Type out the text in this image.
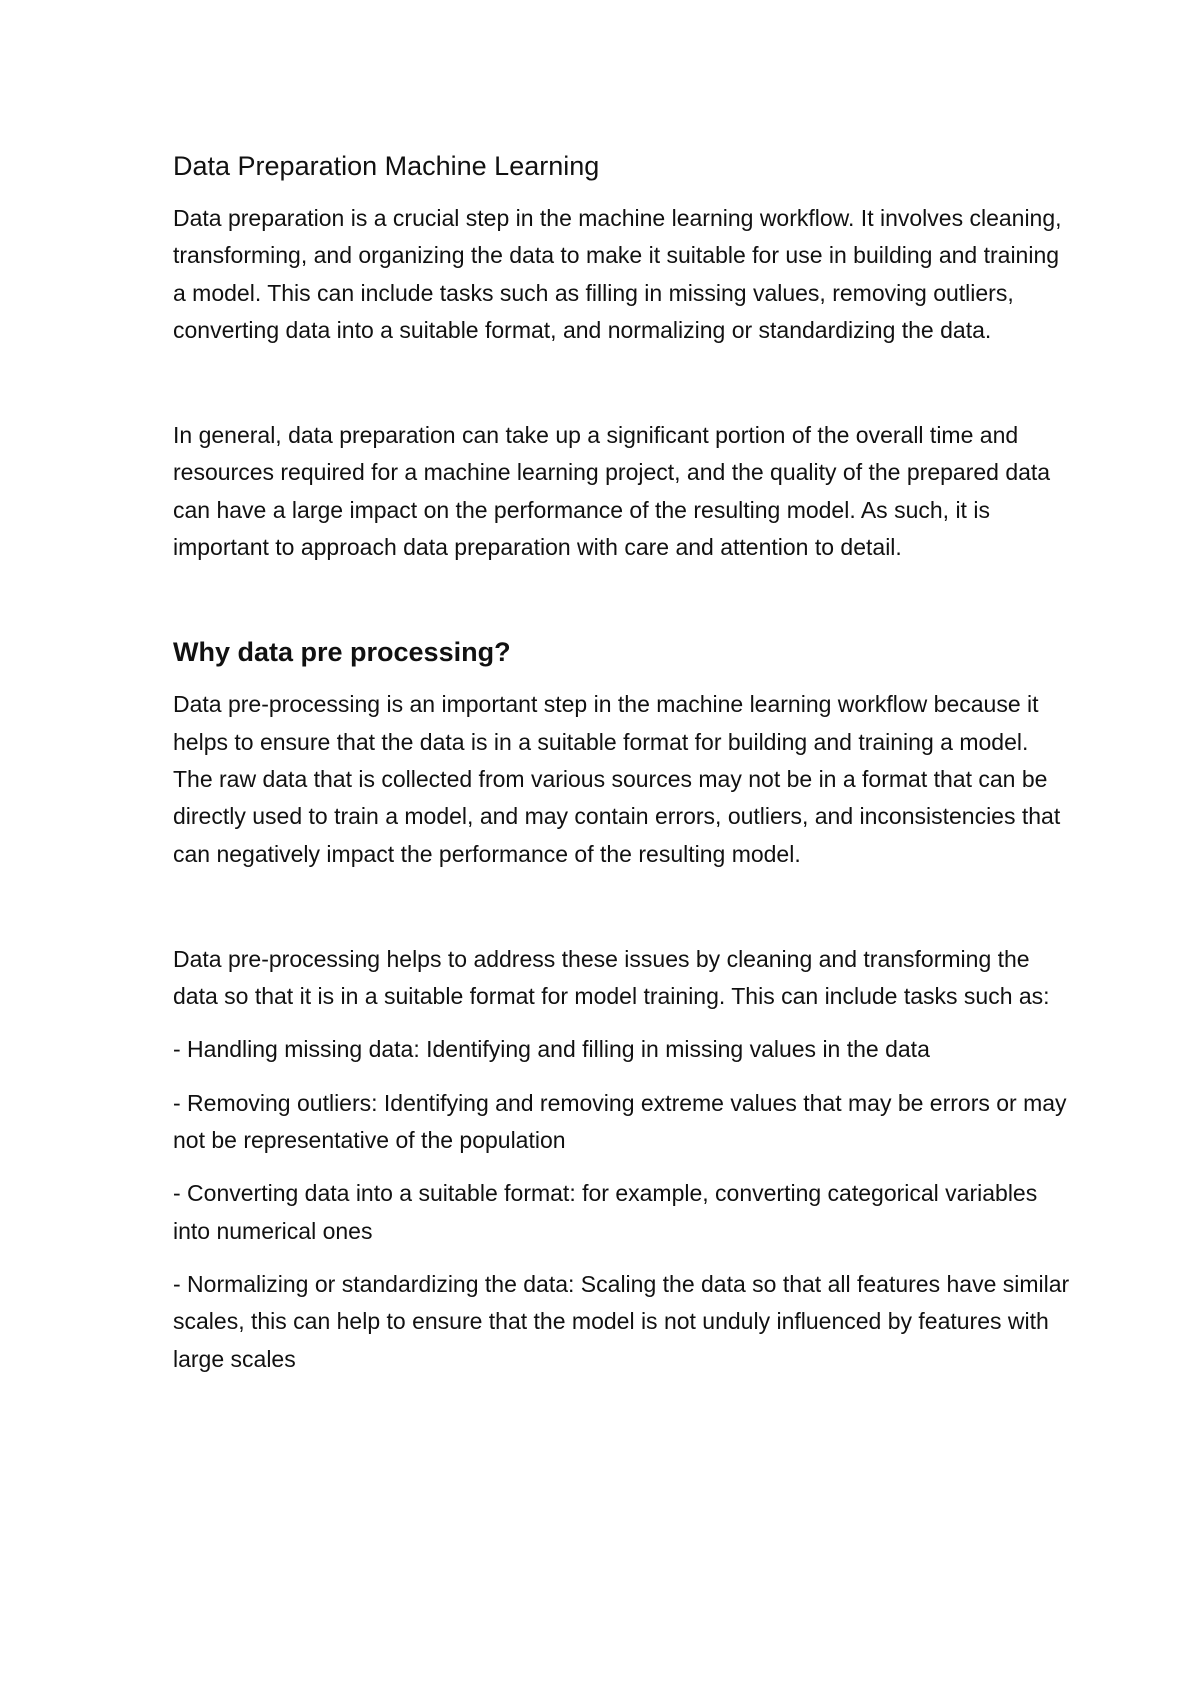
Data Preparation Machine Learning

Data preparation is a crucial step in the machine learning workflow. It involves cleaning, transforming, and organizing the data to make it suitable for use in building and training a model. This can include tasks such as filling in missing values, removing outliers, converting data into a suitable format, and normalizing or standardizing the data.

In general, data preparation can take up a significant portion of the overall time and resources required for a machine learning project, and the quality of the prepared data can have a large impact on the performance of the resulting model. As such, it is important to approach data preparation with care and attention to detail.

Why data pre processing?

Data pre-processing is an important step in the machine learning workflow because it helps to ensure that the data is in a suitable format for building and training a model. The raw data that is collected from various sources may not be in a format that can be directly used to train a model, and may contain errors, outliers, and inconsistencies that can negatively impact the performance of the resulting model.

Data pre-processing helps to address these issues by cleaning and transforming the data so that it is in a suitable format for model training. This can include tasks such as:

- Handling missing data: Identifying and filling in missing values in the data

- Removing outliers: Identifying and removing extreme values that may be errors or may not be representative of the population

- Converting data into a suitable format: for example, converting categorical variables into numerical ones

- Normalizing or standardizing the data: Scaling the data so that all features have similar scales, this can help to ensure that the model is not unduly influenced by features with large scales
